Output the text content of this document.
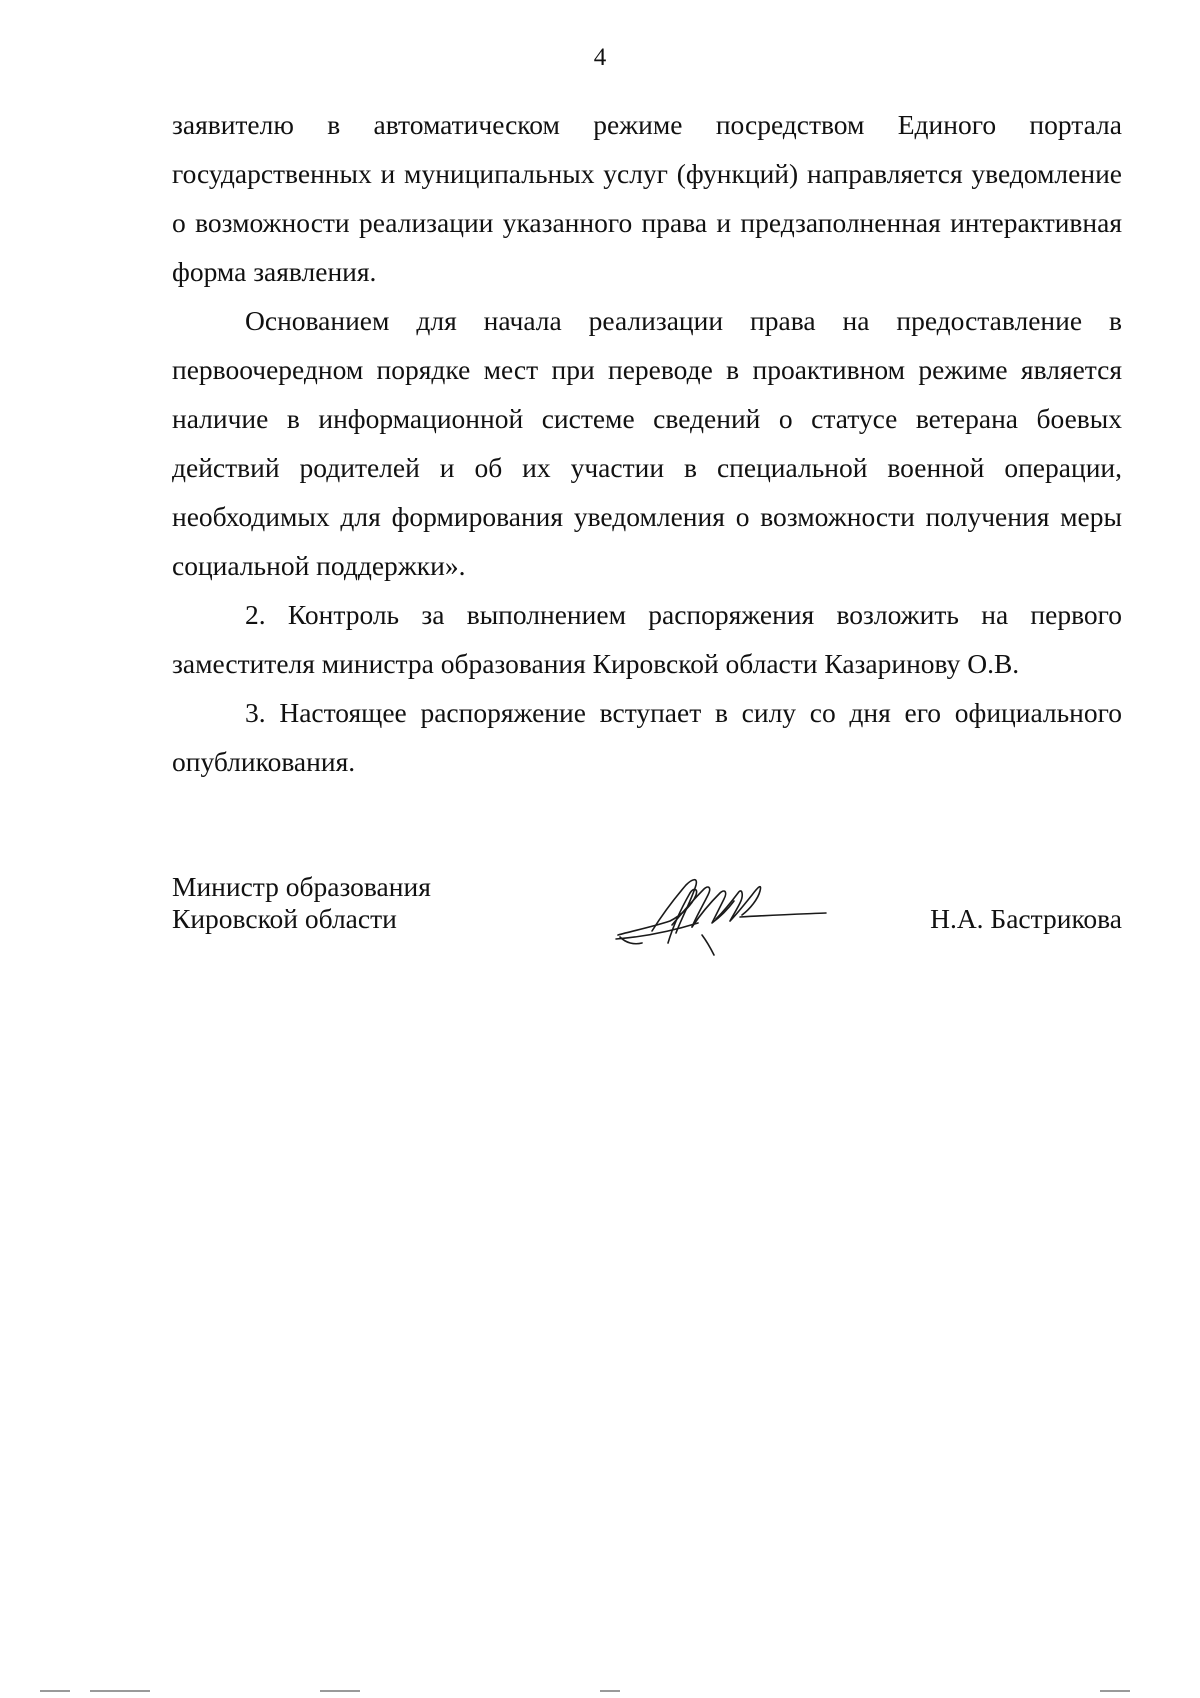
4

заявителю в автоматическом режиме посредством Единого портала государственных и муниципальных услуг (функций) направляется уведомление о возможности реализации указанного права и предзаполненная интерактивная форма заявления.

Основанием для начала реализации права на предоставление в первоочередном порядке мест при переводе в проактивном режиме является наличие в информационной системе сведений о статусе ветерана боевых действий родителей и об их участии в специальной военной операции, необходимых для формирования уведомления о возможности получения меры социальной поддержки».

2. Контроль за выполнением распоряжения возложить на первого заместителя министра образования Кировской области Казаринову О.В.

3. Настоящее распоряжение вступает в силу со дня его официального опубликования.

Министр образования
Кировской области	Н.А. Бастрикова
